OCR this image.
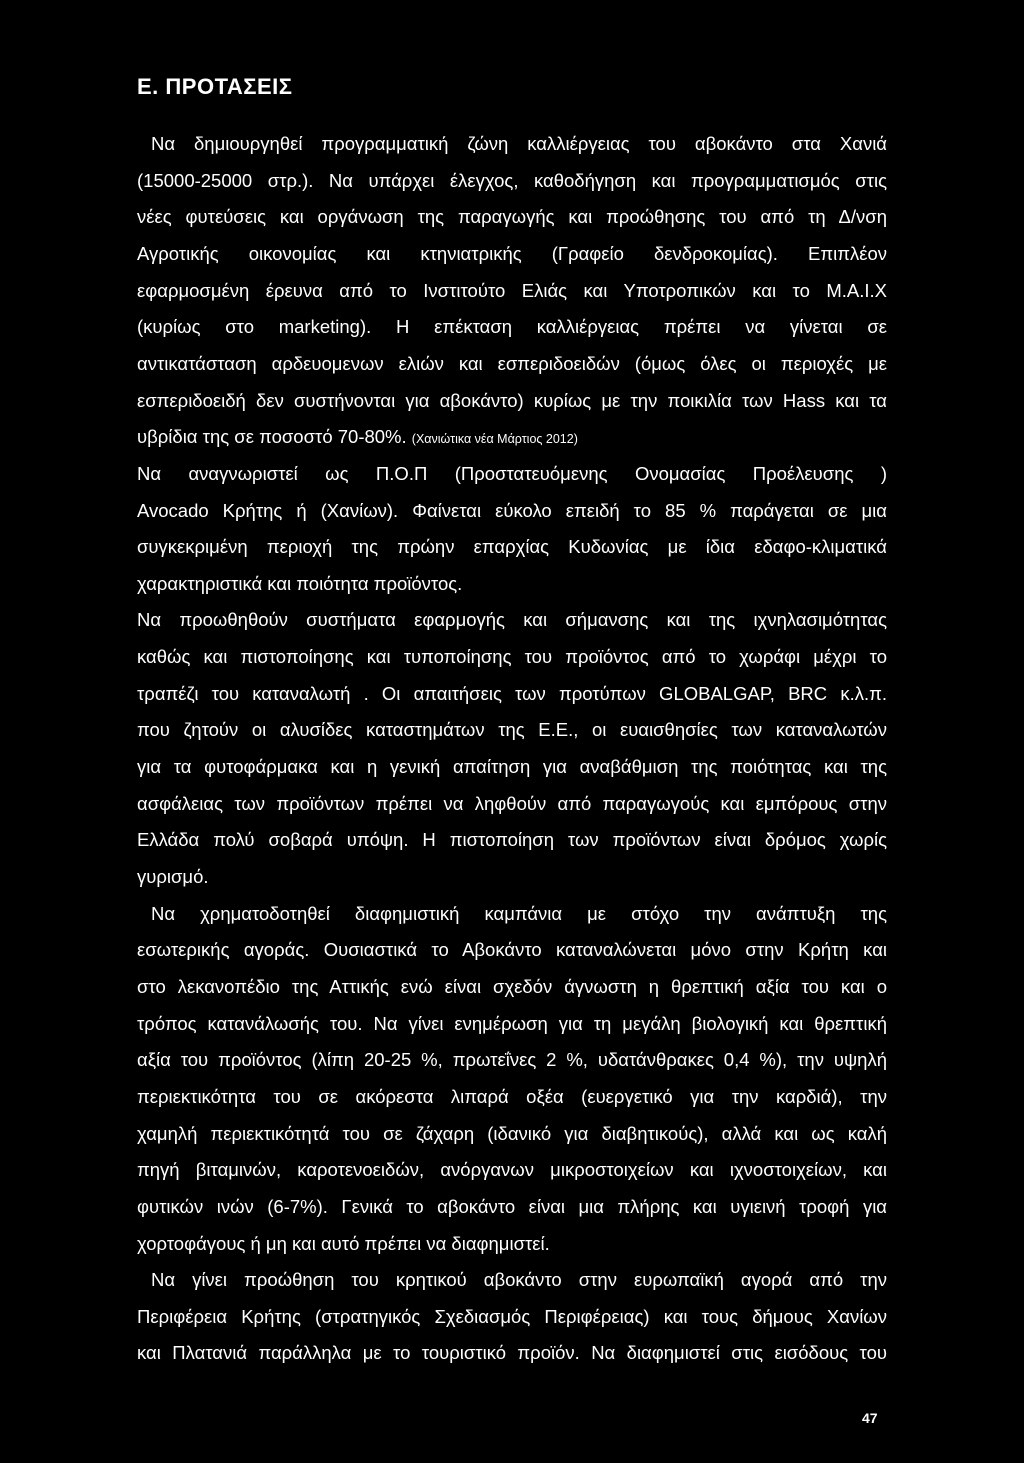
Ε. ΠΡΟΤΑΣΕΙΣ
Να δημιουργηθεί προγραμματική ζώνη καλλιέργειας του αβοκάντο στα Χανιά
(15000-25000 στρ.). Να υπάρχει έλεγχος, καθοδήγηση και προγραμματισμός στις
νέες φυτεύσεις και οργάνωση της παραγωγής και προώθησης του από τη Δ/νση
Αγροτικής οικονομίας και κτηνιατρικής (Γραφείο δενδροκομίας). Επιπλέον
εφαρμοσμένη έρευνα από το Ινστιτούτο Ελιάς και Υποτροπικών και το Μ.Α.Ι.Χ
(κυρίως στο marketing). Η επέκταση καλλιέργειας πρέπει να γίνεται σε
αντικατάσταση αρδευομενων ελιών και εσπεριδοειδών (όμως όλες οι περιοχές με
εσπεριδοειδή δεν συστήνονται για αβοκάντο) κυρίως με την ποικιλία των Hass και τα
υβρίδια της σε ποσοστό 70-80%. (Χανιώτικα νέα Μάρτιος 2012)
Να αναγνωριστεί ως Π.Ο.Π (Προστατευόμενης Ονομασίας Προέλευσης )
Avocado Κρήτης ή (Χανίων). Φαίνεται εύκολο επειδή το 85 % παράγεται σε μια
συγκεκριμένη περιοχή της πρώην επαρχίας Κυδωνίας με ίδια εδαφο-κλιματικά
χαρακτηριστικά και ποιότητα προϊόντος.
Να προωθηθούν συστήματα εφαρμογής και σήμανσης και της ιχνηλασιμότητας
καθώς και πιστοποίησης και τυποποίησης του προϊόντος από το χωράφι μέχρι το
τραπέζι του καταναλωτή . Οι απαιτήσεις των προτύπων GLOBALGAP, BRC κ.λ.π.
που ζητούν οι αλυσίδες καταστημάτων της Ε.Ε., οι ευαισθησίες των καταναλωτών
για τα φυτοφάρμακα και η γενική απαίτηση για αναβάθμιση της ποιότητας και της
ασφάλειας των προϊόντων πρέπει να ληφθούν από παραγωγούς και εμπόρους στην
Ελλάδα πολύ σοβαρά υπόψη. Η πιστοποίηση των προϊόντων είναι δρόμος χωρίς
γυρισμό.
Να χρηματοδοτηθεί διαφημιστική καμπάνια με στόχο την ανάπτυξη της
εσωτερικής αγοράς. Ουσιαστικά το Αβοκάντο καταναλώνεται μόνο στην Κρήτη και
στο λεκανοπέδιο της Αττικής ενώ είναι σχεδόν άγνωστη η θρεπτική αξία του και ο
τρόπος κατανάλωσής του. Να γίνει ενημέρωση για τη μεγάλη βιολογική και θρεπτική
αξία του προϊόντος (λίπη 20-25 %, πρωτεΐνες 2 %, υδατάνθρακες 0,4 %), την υψηλή
περιεκτικότητα του σε ακόρεστα λιπαρά οξέα (ευεργετικό για την καρδιά), την
χαμηλή περιεκτικότητά του σε ζάχαρη (ιδανικό για διαβητικούς), αλλά και ως καλή
πηγή βιταμινών, καροτενοειδών, ανόργανων μικροστοιχείων και ιχνοστοιχείων, και
φυτικών ινών (6-7%). Γενικά το αβοκάντο είναι μια πλήρης και υγιεινή τροφή για
χορτοφάγους ή μη και αυτό πρέπει να διαφημιστεί.
Να γίνει προώθηση του κρητικού αβοκάντο στην ευρωπαϊκή αγορά από την
Περιφέρεια Κρήτης (στρατηγικός Σχεδιασμός Περιφέρειας) και τους δήμους Χανίων
και Πλατανιά παράλληλα με το τουριστικό προϊόν. Να διαφημιστεί στις εισόδους του
47
